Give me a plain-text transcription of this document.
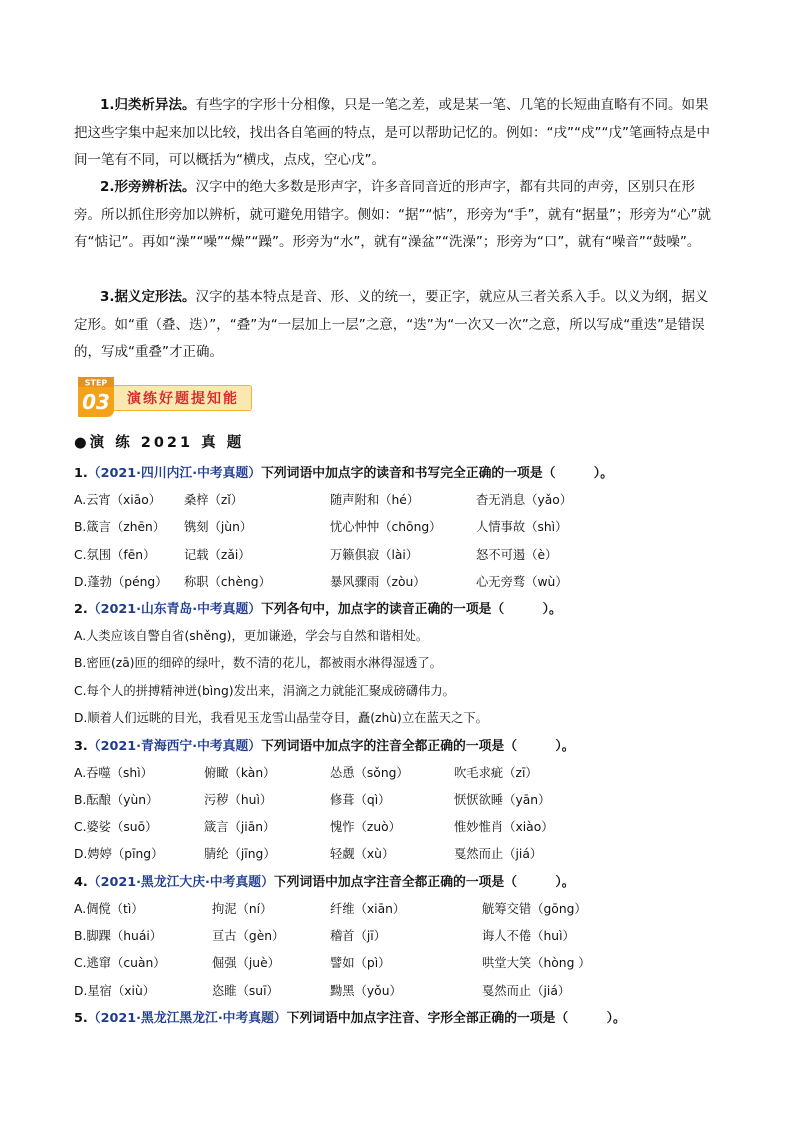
1.归类析异法。有些字的字形十分相像，只是一笔之差，或是某一笔、几笔的长短曲直略有不同。如果把这些字集中起来加以比较，找出各自笔画的特点，是可以帮助记忆的。例如：“戌”“戍”“戊”笔画特点是中间一笔有不同，可以概括为“横戌，点戍，空心戊”。

2.形旁辨析法。汉字中的绝大多数是形声字，许多音同音近的形声字，都有共同的声旁，区别只在形旁。所以抓住形旁加以辨析，就可避免用错字。侧如：“据”“惦”，形旁为“手”，就有“据量”；形旁为“心”就有“惦记”。再如“澡”“噪”“燥”“躁”。形旁为“水”，就有“澡盆”“洗澡”；形旁为“口”，就有“噪音”“鼓噪”。

3.据义定形法。汉字的基本特点是音、形、义的统一，要正字，就应从三者关系入手。以义为纲，据义定形。如“重（叠、迭）”，“叠”为“一层加上一层”之意，“迭”为“一次又一次”之意，所以写成“重迭”是错误的，写成“重叠”才正确。

演练好题提知能
STEP
03
●演 练 2021 真 题
1.（2021·四川内江·中考真题）下列词语中加点字的读音和书写完全正确的一项是（　　　）。
A.云宵（xiāo） 桑梓（zǐ）	随声附和（hé）	杳无消息（yǎo）
B.箴言（zhēn） 镌刻（jùn）	忧心忡忡（chōng）	人情事故（shì）
C.氛围（fēn） 记载（zǎi）	万籁俱寂（lài）	怒不可遏（è）
D.蓬勃（péng） 称职（chèng）	暴风骤雨（zòu）	心无旁骛（wù）
2.（2021·山东青岛·中考真题）下列各句中，加点字的读音正确的一项是（　　　）。
A.人类应该自警自省(shěng)，更加谦逊，学会与自然和谐相处。
B.密匝(zā)匝的细碎的绿叶，数不清的花儿，都被雨水淋得湿透了。
C.每个人的拼搏精神迸(bìng)发出来，涓滴之力就能汇聚成磅礴伟力。
D.顺着人们远眺的目光，我看见玉龙雪山晶莹夺目，矗(zhù)立在蓝天之下。
3.（2021·青海西宁·中考真题）下列词语中加点字的注音全都正确的一项是（　　　）。
A.吞噬（shì）	俯瞰（kàn）	怂恿（sǒng）	吹毛求疵（zī）
B.酝酿（yùn）	污秽（huì）	修葺（qì）	恹恹欲睡（yān）
C.婆娑（suō）	箴言（jiān）	愧怍（zuò）	惟妙惟肖（xiào）
D.娉婷（pīng）	腈纶（jīng）	轻觑（xù）	戛然而止（jiá）
4.（2021·黑龙江大庆·中考真题）下列词语中加点字注音全都正确的一项是（　　　）。
A.倜傥（tì）	拘泥（ní）	纤维（xiān）	觥筹交错（gōng）
B.脚踝（huái）	亘古（gèn）	稽首（jī）	诲人不倦（huì）
C.逃窜（cuàn）	倔强（juè）	譬如（pì）	哄堂大笑（hòng ）
D.星宿（xiù）	恣睢（suī）	黝黑（yǒu）	戛然而止（jiá）
5.（2021·黑龙江黑龙江·中考真题）下列词语中加点字注音、字形全部正确的一项是（　　　）。
